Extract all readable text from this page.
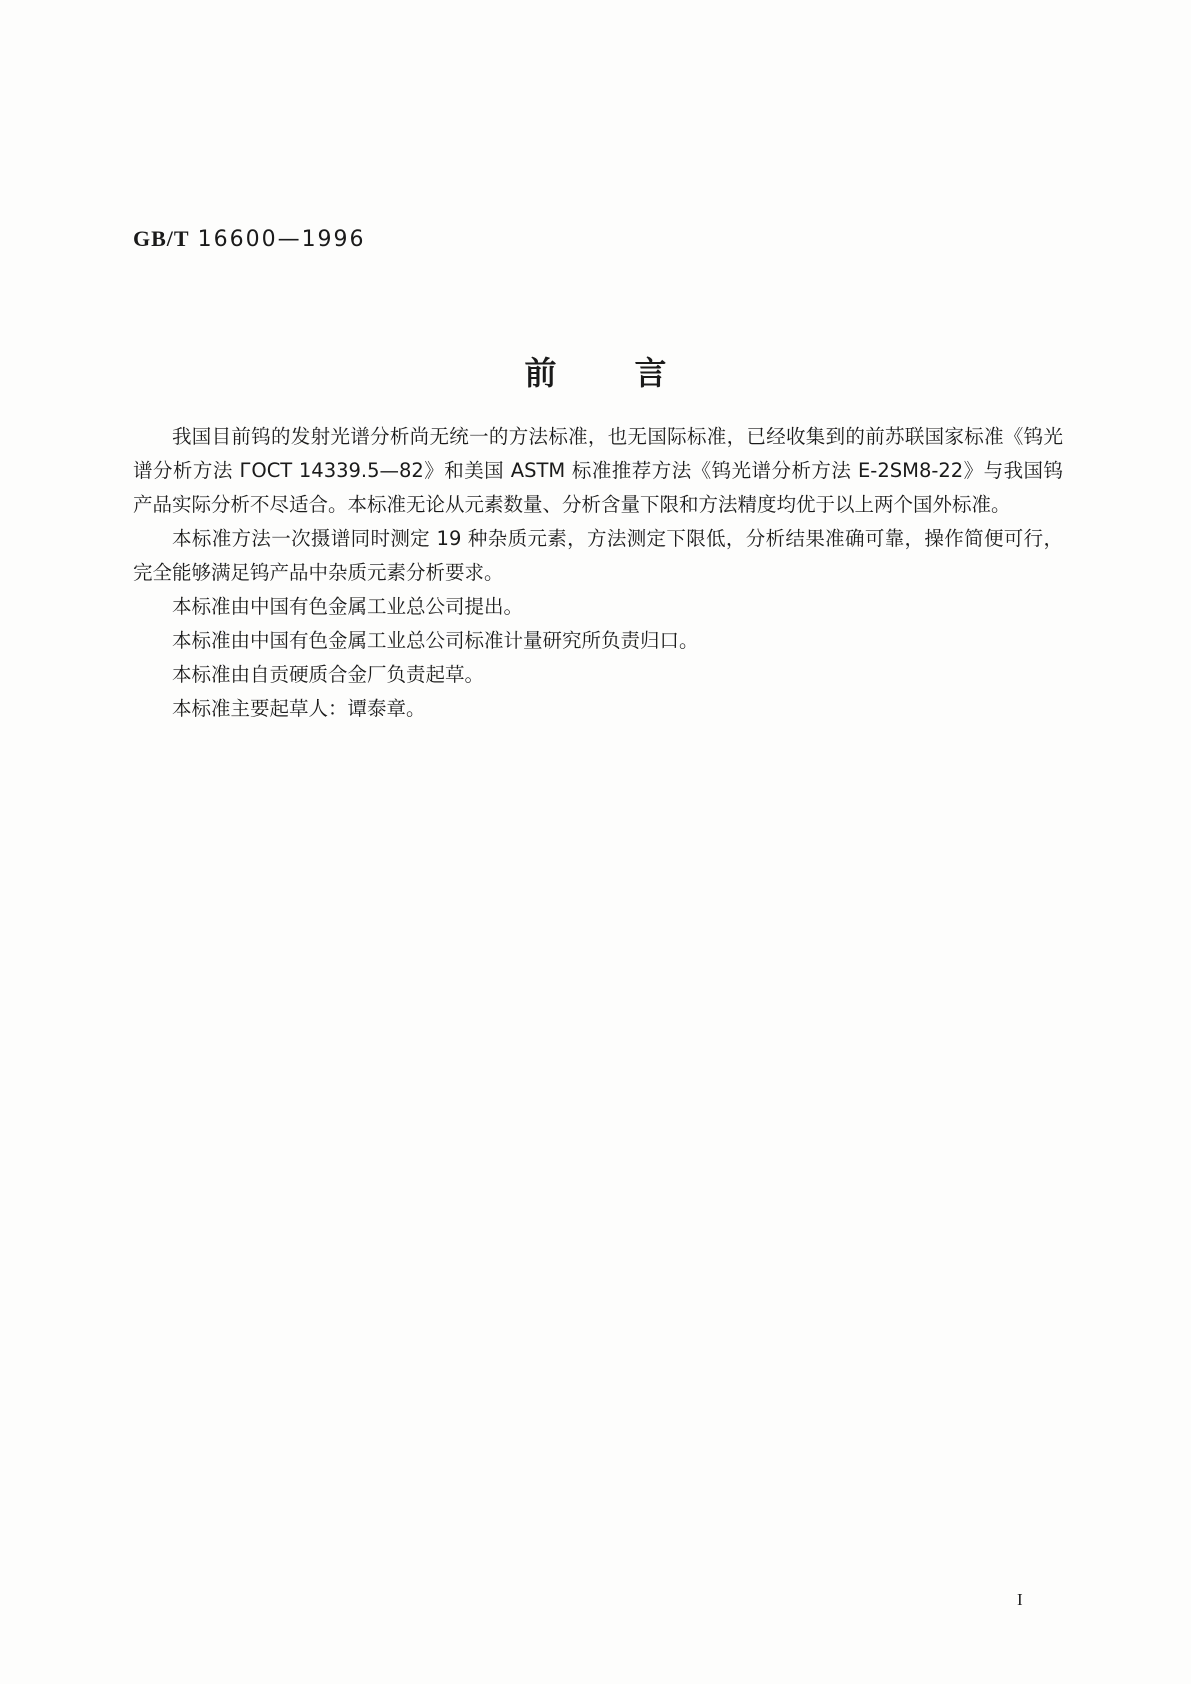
GB/T 16600—1996
前言

我国目前钨的发射光谱分析尚无统一的方法标准，也无国际标准，已经收集到的前苏联国家标准《钨光谱分析方法 ГОСТ 14339.5—82》和美国 ASTM 标准推荐方法《钨光谱分析方法 E-2SM8-22》与我国钨产品实际分析不尽适合。本标准无论从元素数量、分析含量下限和方法精度均优于以上两个国外标准。

本标准方法一次摄谱同时测定 19 种杂质元素，方法测定下限低，分析结果准确可靠，操作简便可行，完全能够满足钨产品中杂质元素分析要求。

本标准由中国有色金属工业总公司提出。

本标准由中国有色金属工业总公司标准计量研究所负责归口。

本标准由自贡硬质合金厂负责起草。

本标准主要起草人：谭泰章。

I
